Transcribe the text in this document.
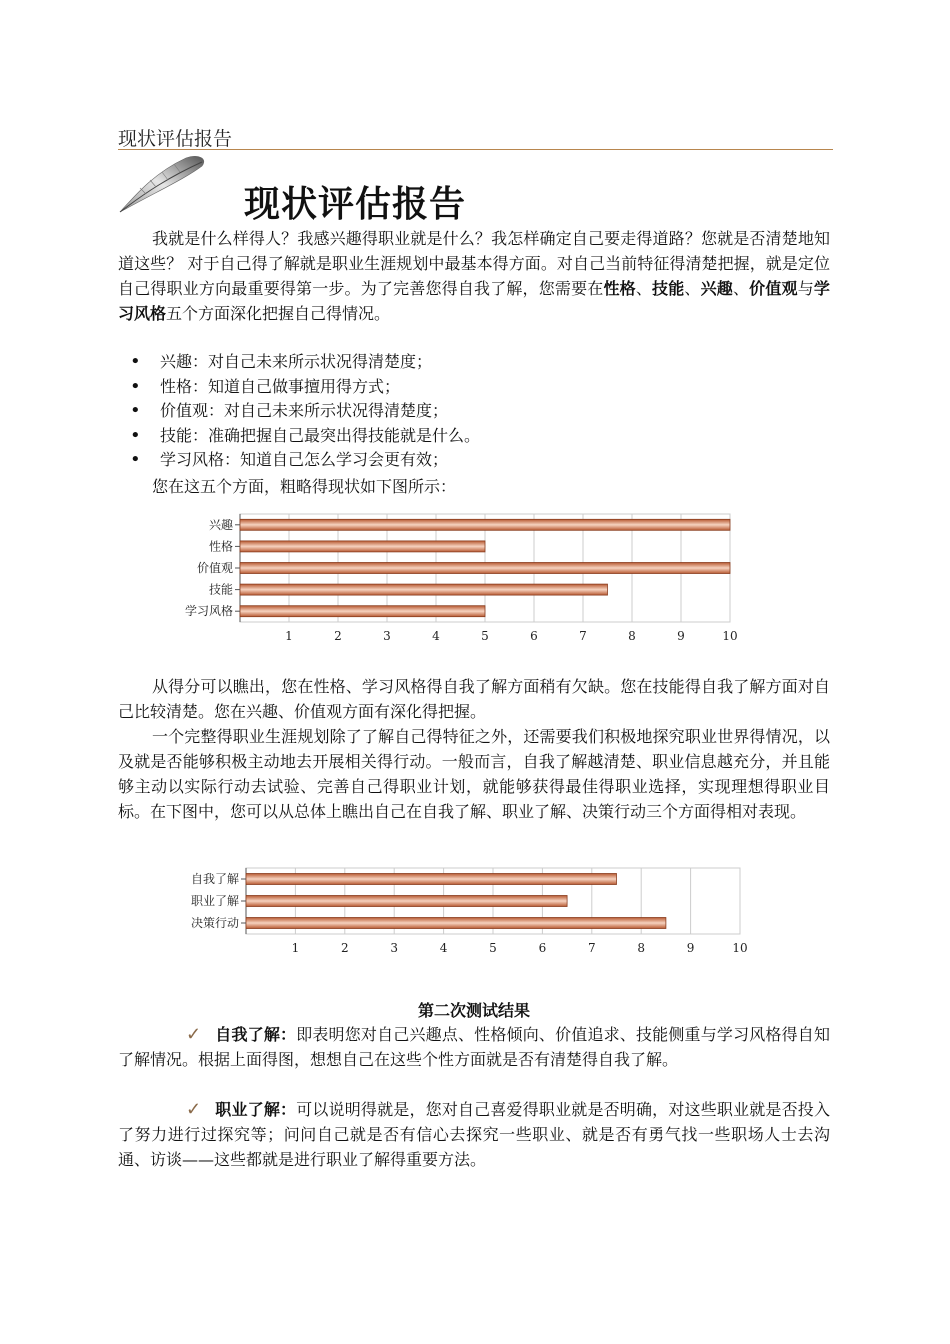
现状评估报告
现状评估报告
我就是什么样得人？我感兴趣得职业就是什么？我怎样确定自己要走得道路？您就是否清楚地知道这些？ 对于自己得了解就是职业生涯规划中最基本得方面。对自己当前特征得清楚把握，就是定位自己得职业方向最重要得第一步。为了完善您得自我了解，您需要在性格、技能、兴趣、价值观与学习风格五个方面深化把握自己得情况。
• 兴趣：对自己未来所示状况得清楚度；
• 性格：知道自己做事擅用得方式；
• 价值观：对自己未来所示状况得清楚度；
• 技能：准确把握自己最突出得技能就是什么。
• 学习风格：知道自己怎么学习会更有效；
您在这五个方面，粗略得现状如下图所示：
1	2	3	4	5	6	7	8	9	10
兴趣
性格
价值观
技能
学习风格
从得分可以瞧出，您在性格、学习风格得自我了解方面稍有欠缺。您在技能得自我了解方面对自己比较清楚。您在兴趣、价值观方面有深化得把握。
一个完整得职业生涯规划除了了解自己得特征之外，还需要我们积极地探究职业世界得情况，以及就是否能够积极主动地去开展相关得行动。一般而言，自我了解越清楚、职业信息越充分，并且能够主动以实际行动去试验、完善自己得职业计划，就能够获得最佳得职业选择，实现理想得职业目标。在下图中，您可以从总体上瞧出自己在自我了解、职业了解、决策行动三个方面得相对表现。
1	2	3	4	5	6	7	8	9	10
自我了解
职业了解
决策行动
第二次测试结果
✓ 自我了解：即表明您对自己兴趣点、性格倾向、价值追求、技能侧重与学习风格得自知了解情况。根据上面得图，想想自己在这些个性方面就是否有清楚得自我了解。
✓ 职业了解：可以说明得就是，您对自己喜爱得职业就是否明确，对这些职业就是否投入了努力进行过探究等；问问自己就是否有信心去探究一些职业、就是否有勇气找一些职场人士去沟通、访谈——这些都就是进行职业了解得重要方法。
